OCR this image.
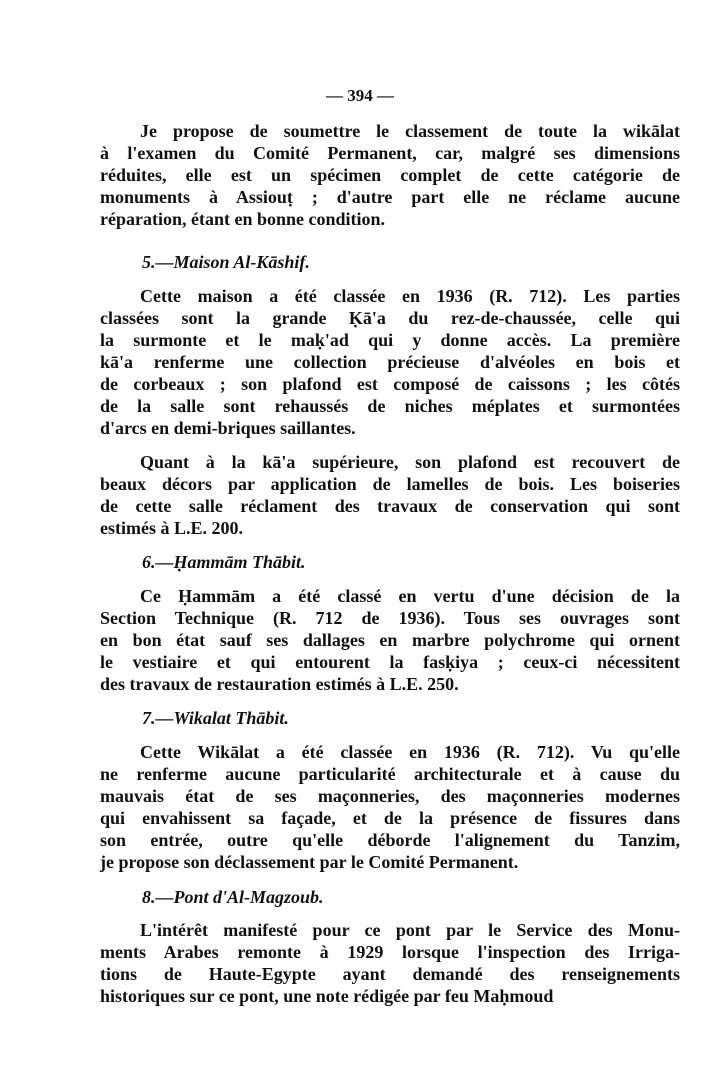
— 394 —
Je propose de soumettre le classement de toute la wikālat
à l'examen du Comité Permanent, car, malgré ses dimensions
réduites, elle est un spécimen complet de cette catégorie de
monuments à Assiouṭ ; d'autre part elle ne réclame aucune
réparation, étant en bonne condition.
5.—Maison Al-Kāshif.
Cette maison a été classée en 1936 (R. 712). Les parties
classées sont la grande Ḳā'a du rez-de-chaussée, celle qui
la surmonte et le maḳ'ad qui y donne accès. La première
kā'a renferme une collection précieuse d'alvéoles en bois et
de corbeaux ; son plafond est composé de caissons ; les côtés
de la salle sont rehaussés de niches méplates et surmontées
d'arcs en demi-briques saillantes.
Quant à la kā'a supérieure, son plafond est recouvert de
beaux décors par application de lamelles de bois. Les boiseries
de cette salle réclament des travaux de conservation qui sont
estimés à L.E. 200.
6.—Ḥammām Thābit.
Ce Ḥammām a été classé en vertu d'une décision de la
Section Technique (R. 712 de 1936). Tous ses ouvrages sont
en bon état sauf ses dallages en marbre polychrome qui ornent
le vestiaire et qui entourent la fasḳiya ; ceux-ci nécessitent
des travaux de restauration estimés à L.E. 250.
7.—Wikalat Thābit.
Cette Wikālat a été classée en 1936 (R. 712). Vu qu'elle
ne renferme aucune particularité architecturale et à cause du
mauvais état de ses maçonneries, des maçonneries modernes
qui envahissent sa façade, et de la présence de fissures dans
son entrée, outre qu'elle déborde l'alignement du Tanzim,
je propose son déclassement par le Comité Permanent.
8.—Pont d'Al-Magzoub.
L'intérêt manifesté pour ce pont par le Service des Monu-
ments Arabes remonte à 1929 lorsque l'inspection des Irriga-
tions de Haute-Egypte ayant demandé des renseignements
historiques sur ce pont, une note rédigée par feu Maḥmoud
